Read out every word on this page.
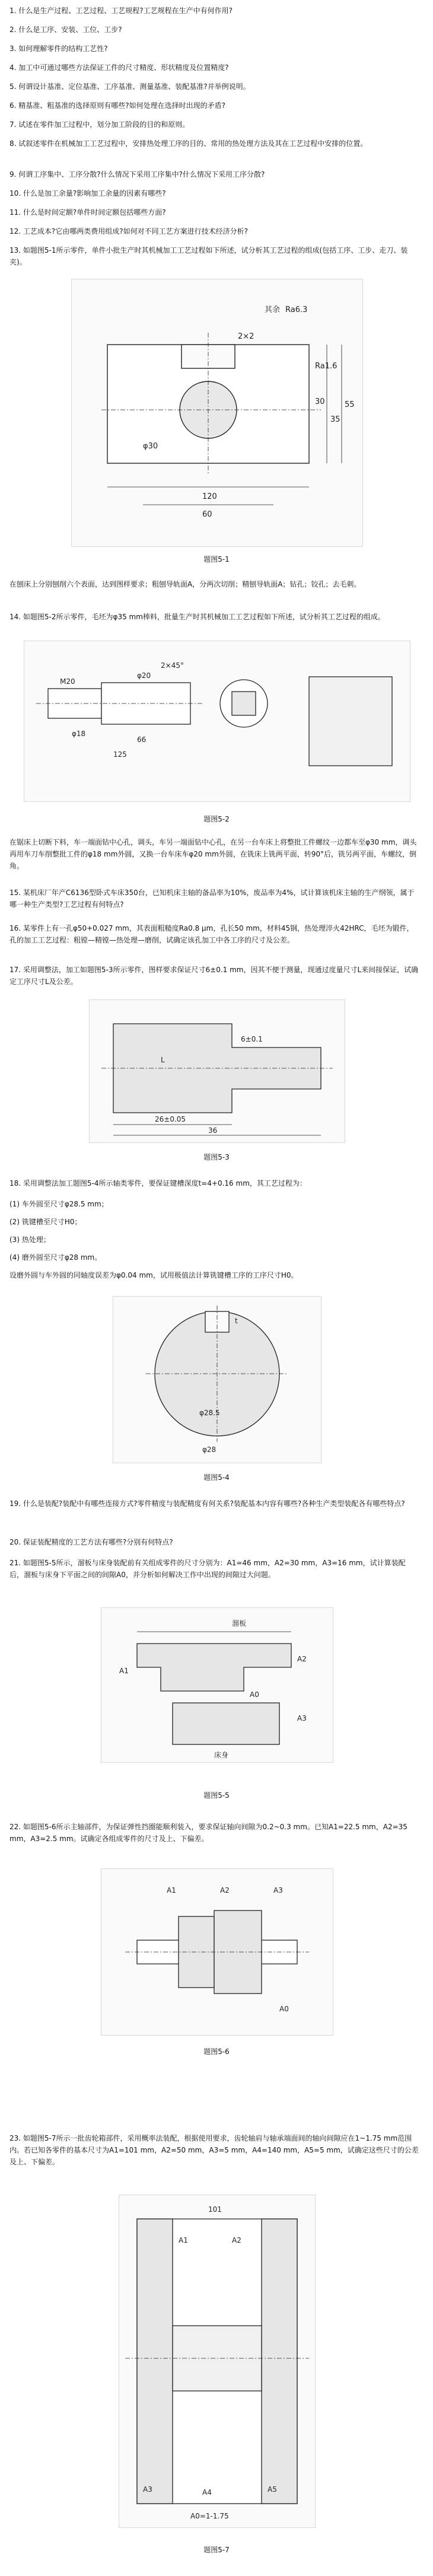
1. 什么是生产过程、工艺过程、工艺规程?工艺规程在生产中有何作用?
2. 什么是工序、安装、工位、工步?
3. 如何理解零件的结构工艺性?
4. 加工中可通过哪些方法保证工件的尺寸精度、形状精度及位置精度?
5. 何谓设计基准、定位基准、工序基准、测量基准、装配基准?并举例说明。
6. 精基准、粗基准的选择原则有哪些?如何处理在选择时出现的矛盾?
7. 试述在零件加工过程中，划分加工阶段的目的和原则。
8. 试叙述零件在机械加工工艺过程中，安排热处理工序的目的、常用的热处理方法及其在工艺过程中安排的位置。
9. 何谓工序集中、工序分散?什么情况下采用工序集中?什么情况下采用工序分散?
10. 什么是加工余量?影响加工余量的因素有哪些?
11. 什么是时间定额?单件时间定额包括哪些方面?
12. 工艺成本?它由哪两类费用组成?如何对不同工艺方案进行技术经济分析?
13. 如题图5-1所示零件，单件小批生产时其机械加工工艺过程如下所述，试分析其工艺过程的组成(包括工序、工步、走刀、装夹)。
其余 Ra6.3
120
60
φ30
30
35
55
2×2
Ra1.6
题图5-1
在刨床上分别刨削六个表面，达到图样要求；粗刨导轨面A，分两次切削；精刨导轨面A；钻孔；铰孔；去毛刺。
14. 如题图5-2所示零件，毛坯为φ35 mm棒料，批量生产时其机械加工工艺过程如下所述，试分析其工艺过程的组成。
M20
φ20
φ18
66
125
2×45°
题图5-2
在锯床上切断下料，车一端面钻中心孔，调头，车另一端面钻中心孔，在另一台车床上将整批工件螺纹一边都车至φ30 mm，调头再用车刀车削整批工件的φ18 mm外圆，又换一台车床车φ20 mm外圆，在铣床上铣两平面，转90°后，铣另两平面，车螺纹，倒角。
15. 某机床厂年产C6136型卧式车床350台，已知机床主轴的备品率为10%，废品率为4%，试计算该机床主轴的生产纲领，属于哪一种生产类型?工艺过程有何特点?
16. 某零件上有一孔φ50+0.027 mm，其表面粗糙度Ra0.8 μm，孔长50 mm，材料45钢，热处理淬火42HRC，毛坯为锻件，孔的加工工艺过程：粗镗—精镗—热处理—磨削，试确定该孔加工中各工序的尺寸及公差。
17. 采用调整法，加工如题图5-3所示零件，图样要求保证尺寸6±0.1 mm，因其不便于测量，现通过度量尺寸L来间接保证，试确定工序尺寸L及公差。
L
6±0.1
26±0.05
36
题图5-3
18. 采用调整法加工题图5-4所示轴类零件，要保证键槽深度t=4+0.16 mm，其工艺过程为：
(1) 车外圆至尺寸φ28.5 mm；
(2) 铣键槽至尺寸H0；
(3) 热处理；
(4) 磨外圆至尺寸φ28 mm。
设磨外圆与车外圆的同轴度误差为φ0.04 mm，试用极值法计算铣键槽工序的工序尺寸H0。
t
φ28.5
φ28
题图5-4
19. 什么是装配?装配中有哪些连接方式?零件精度与装配精度有何关系?装配基本内容有哪些?各种生产类型装配各有哪些特点?
20. 保证装配精度的工艺方法有哪些?分别有何特点?
21. 如题图5-5所示，溜板与床身装配前有关组成零件的尺寸分别为：A1=46 mm，A2=30 mm，A3=16 mm，试计算装配后，溜板与床身下平面之间的间隙A0，并分析如何解决工作中出现的间隙过大问题。
溜板
床身
A1
A2
A3
A0
题图5-5
22. 如题图5-6所示主轴部件，为保证弹性挡圈能顺利装入，要求保证轴向间隙为0.2~0.3 mm。已知A1=22.5 mm，A2=35 mm，A3=2.5 mm。试确定各组成零件的尺寸及上、下偏差。
A1	A2	A3
A0
题图5-6
23. 如题图5-7所示一批齿轮箱部件，采用概率法装配，根据使用要求，齿轮轴肩与轴承端面间的轴向间隙应在1~1.75 mm范围内。若已知各零件的基本尺寸为A1=101 mm，A2=50 mm，A3=5 mm，A4=140 mm，A5=5 mm，试确定这些尺寸的公差及上、下偏差。
101
A1	A2
A3	A4	A5
A0=1-1.75
题图5-7
